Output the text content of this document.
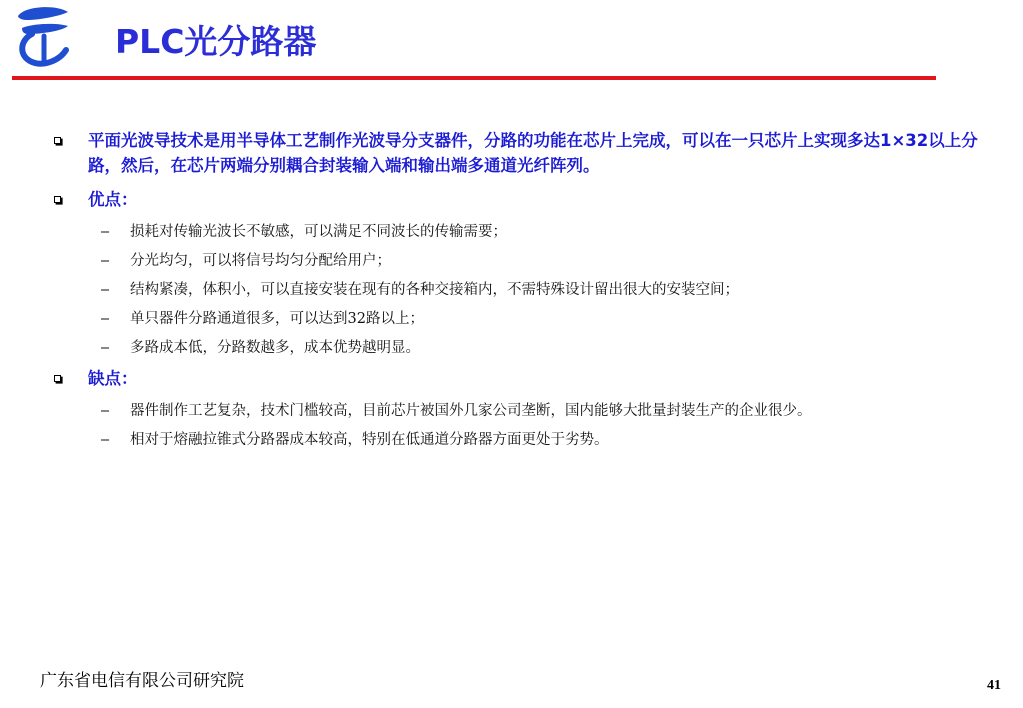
PLC光分路器
平面光波导技术是用半导体工艺制作光波导分支器件，分路的功能在芯片上完成，可以在一只芯片上实现多达1×32以上分路，然后，在芯片两端分别耦合封装输入端和输出端多通道光纤阵列。
优点：
– 损耗对传输光波长不敏感，可以满足不同波长的传输需要；
– 分光均匀，可以将信号均匀分配给用户；
– 结构紧凑，体积小，可以直接安装在现有的各种交接箱内，不需特殊设计留出很大的安装空间；
– 单只器件分路通道很多，可以达到32路以上；
– 多路成本低，分路数越多，成本优势越明显。
缺点：
– 器件制作工艺复杂，技术门槛较高，目前芯片被国外几家公司垄断，国内能够大批量封装生产的企业很少。
– 相对于熔融拉锥式分路器成本较高，特别在低通道分路器方面更处于劣势。
广东省电信有限公司研究院	41
